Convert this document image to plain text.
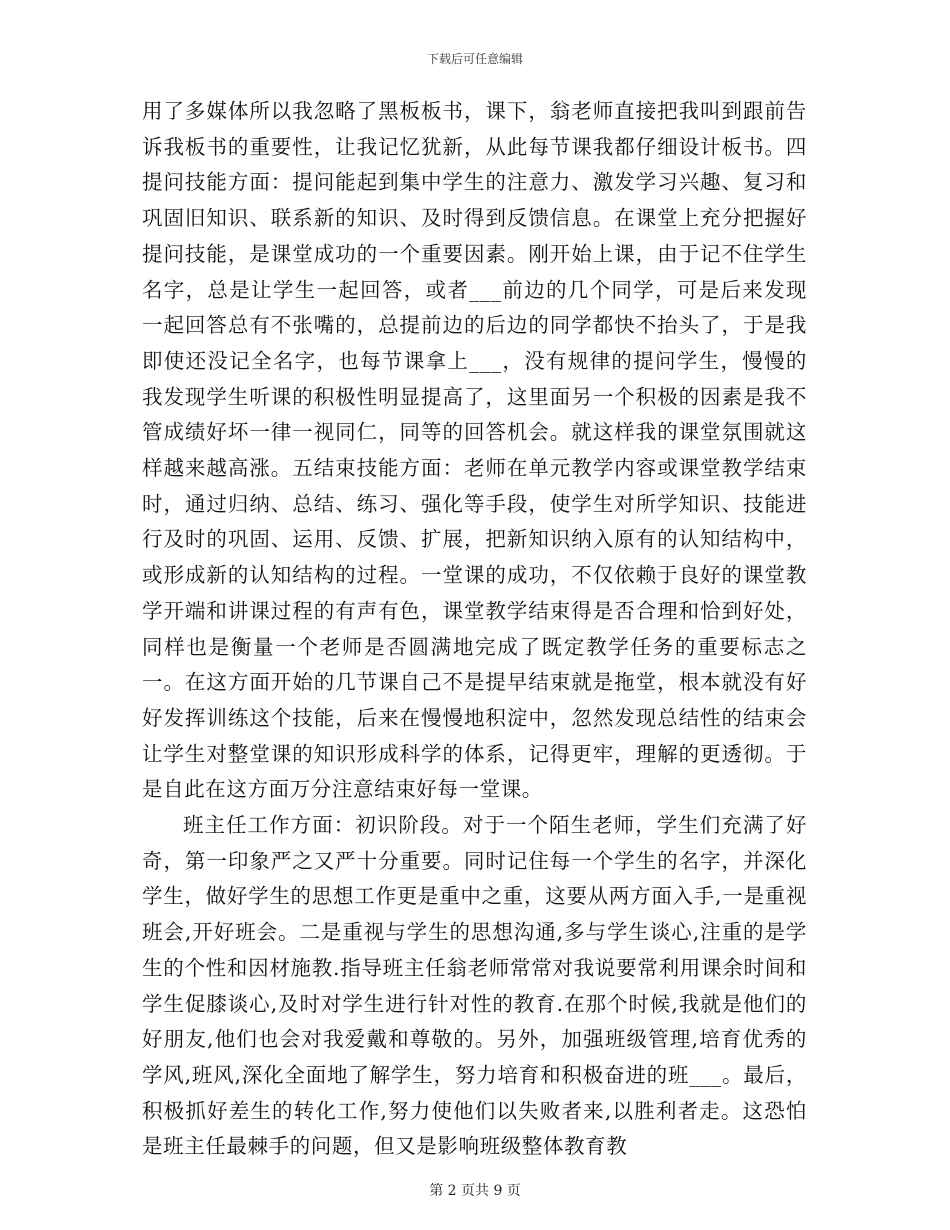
下载后可任意编辑

用了多媒体所以我忽略了黑板板书，课下，翁老师直接把我叫到跟前告诉我板书的重要性，让我记忆犹新，从此每节课我都仔细设计板书。四提问技能方面：提问能起到集中学生的注意力、激发学习兴趣、复习和巩固旧知识、联系新的知识、及时得到反馈信息。在课堂上充分把握好提问技能，是课堂成功的一个重要因素。刚开始上课，由于记不住学生名字，总是让学生一起回答，或者___前边的几个同学，可是后来发现一起回答总有不张嘴的，总提前边的后边的同学都快不抬头了，于是我即使还没记全名字，也每节课拿上___，没有规律的提问学生，慢慢的我发现学生听课的积极性明显提高了，这里面另一个积极的因素是我不管成绩好坏一律一视同仁，同等的回答机会。就这样我的课堂氛围就这样越来越高涨。五结束技能方面：老师在单元教学内容或课堂教学结束时，通过归纳、总结、练习、强化等手段，使学生对所学知识、技能进行及时的巩固、运用、反馈、扩展，把新知识纳入原有的认知结构中，或形成新的认知结构的过程。一堂课的成功，不仅依赖于良好的课堂教学开端和讲课过程的有声有色，课堂教学结束得是否合理和恰到好处，同样也是衡量一个老师是否圆满地完成了既定教学任务的重要标志之一。在这方面开始的几节课自己不是提早结束就是拖堂，根本就没有好好发挥训练这个技能，后来在慢慢地积淀中，忽然发现总结性的结束会让学生对整堂课的知识形成科学的体系，记得更牢，理解的更透彻。于是自此在这方面万分注意结束好每一堂课。

班主任工作方面：初识阶段。对于一个陌生老师，学生们充满了好奇，第一印象严之又严十分重要。同时记住每一个学生的名字，并深化学生，做好学生的思想工作更是重中之重，这要从两方面入手,一是重视班会,开好班会。二是重视与学生的思想沟通,多与学生谈心,注重的是学生的个性和因材施教.指导班主任翁老师常常对我说要常利用课余时间和学生促膝谈心,及时对学生进行针对性的教育.在那个时候,我就是他们的好朋友,他们也会对我爱戴和尊敬的。另外，加强班级管理,培育优秀的学风,班风,深化全面地了解学生，努力培育和积极奋进的班___。最后，积极抓好差生的转化工作,努力使他们以失败者来,以胜利者走。这恐怕是班主任最棘手的问题，但又是影响班级整体教育教

第 2 页共 9 页
